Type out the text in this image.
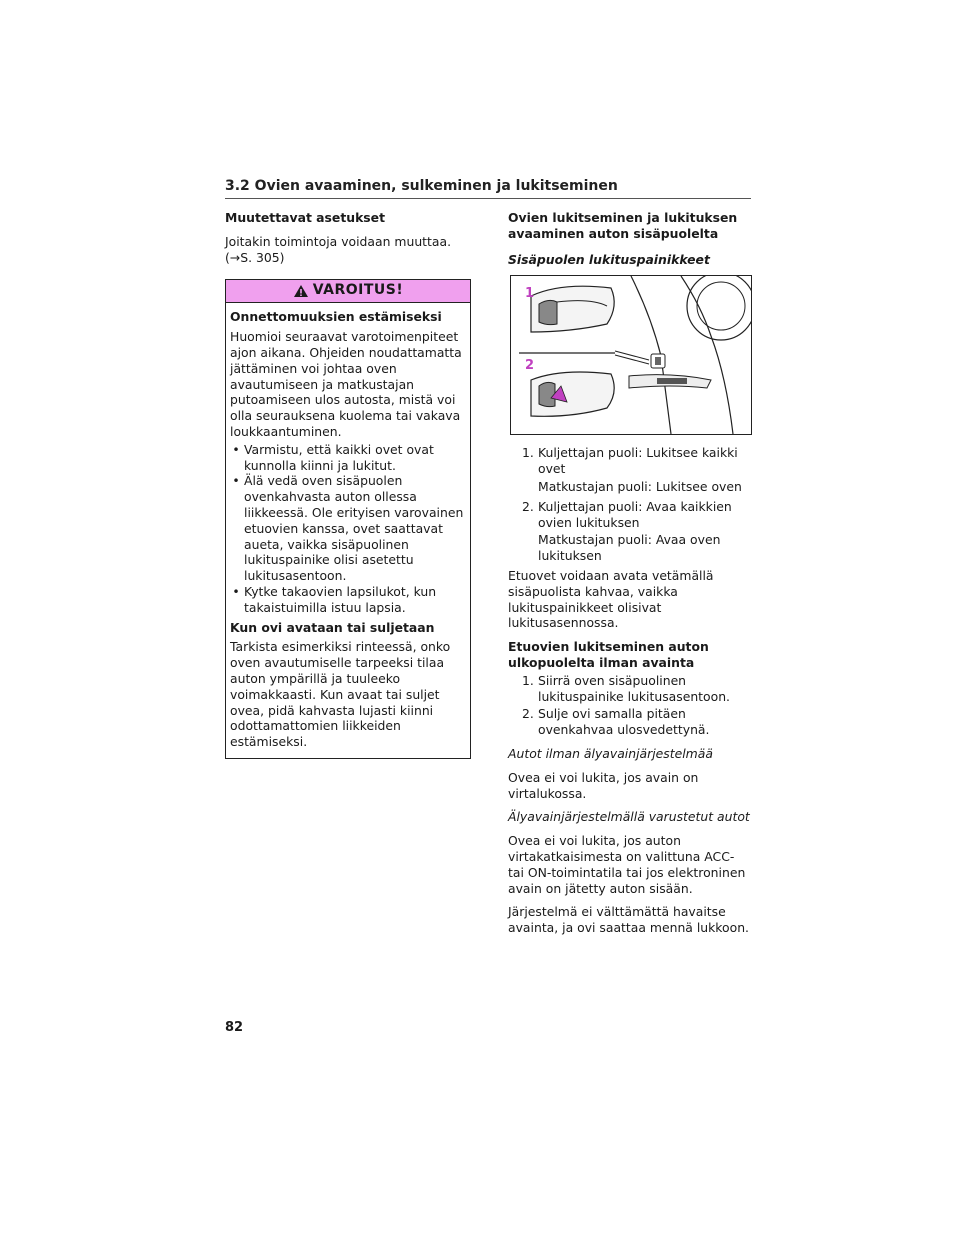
3.2 Ovien avaaminen, sulkeminen ja lukitseminen

Muutettavat asetukset

Joitakin toimintoja voidaan muuttaa.
(→S. 305)

VAROITUS!

Onnettomuuksien estämiseksi

Huomioi seuraavat varotoimenpiteet ajon aikana. Ohjeiden noudattamatta jättäminen voi johtaa oven avautumiseen ja matkustajan putoamiseen ulos autosta, mistä voi olla seurauksena kuolema tai vakava loukkaantuminen.

• Varmistu, että kaikki ovet ovat kunnolla kiinni ja lukitut.
• Älä vedä oven sisäpuolen ovenkahvasta auton ollessa liikkeessä. Ole erityisen varovainen etuovien kanssa, ovet saattavat aueta, vaikka sisäpuolinen lukituspainike olisi asetettu lukitusasentoon.
• Kytke takaovien lapsilukot, kun takaistuimilla istuu lapsia.

Kun ovi avataan tai suljetaan

Tarkista esimerkiksi rinteessä, onko oven avautumiselle tarpeeksi tilaa auton ympärillä ja tuuleeko voimakkaasti. Kun avaat tai suljet ovea, pidä kahvasta lujasti kiinni odottamattomien liikkeiden estämiseksi.

Ovien lukitseminen ja lukituksen avaaminen auton sisäpuolelta

Sisäpuolen lukituspainikkeet

1
2
1. Kuljettajan puoli: Lukitsee kaikki ovet

Matkustajan puoli: Lukitsee oven

2. Kuljettajan puoli: Avaa kaikkien ovien lukituksen

Matkustajan puoli: Avaa oven lukituksen

Etuovet voidaan avata vetämällä sisäpuolista kahvaa, vaikka lukituspainikkeet olisivat lukitusasennossa.

Etuovien lukitseminen auton ulkopuolelta ilman avainta

1. Siirrä oven sisäpuolinen lukituspainike lukitusasentoon.
2. Sulje ovi samalla pitäen ovenkahvaa ulosvedettynä.

Autot ilman älyavainjärjestelmää

Ovea ei voi lukita, jos avain on virtalukossa.

Älyavainjärjestelmällä varustetut autot

Ovea ei voi lukita, jos auton virtakatkaisimesta on valittuna ACC- tai ON-toimintatila tai jos elektroninen avain on jätetty auton sisään.

Järjestelmä ei välttämättä havaitse avainta, ja ovi saattaa mennä lukkoon.

82
